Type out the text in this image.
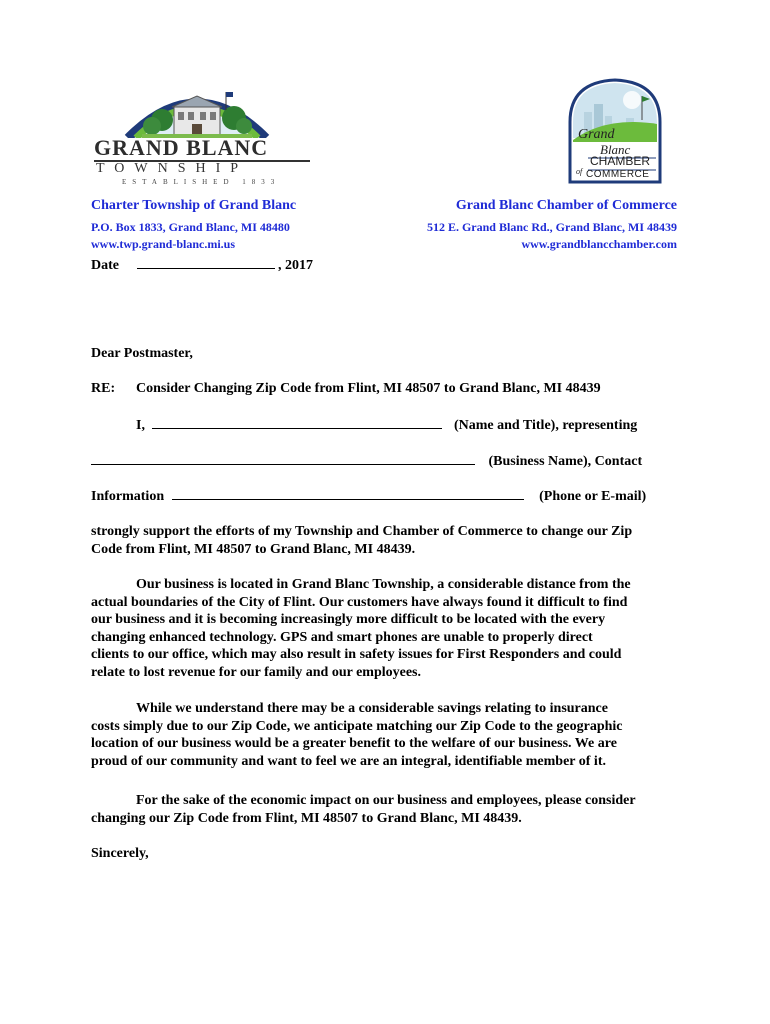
GRAND BLANC
TOWNSHIP
ESTABLISHED 1833
Grand
Blanc
CHAMBER
of COMMERCE
Charter Township of Grand Blanc
P.O. Box 1833, Grand Blanc, MI 48480
www.twp.grand-blanc.mi.us
Grand Blanc Chamber of Commerce
512 E. Grand Blanc Rd., Grand Blanc, MI 48439
www.grandblancchamber.com
Date	, 2017
Dear Postmaster,
RE: Consider Changing Zip Code from Flint, MI 48507 to Grand Blanc, MI 48439
I,	(Name and Title), representing
(Business Name), Contact
Information	(Phone or E-mail)
strongly support the efforts of my Township and Chamber of Commerce to change our Zip
Code from Flint, MI 48507 to Grand Blanc, MI 48439.
Our business is located in Grand Blanc Township, a considerable distance from the
actual boundaries of the City of Flint. Our customers have always found it difficult to find
our business and it is becoming increasingly more difficult to be located with the every
changing enhanced technology. GPS and smart phones are unable to properly direct
clients to our office, which may also result in safety issues for First Responders and could
relate to lost revenue for our family and our employees.
While we understand there may be a considerable savings relating to insurance
costs simply due to our Zip Code, we anticipate matching our Zip Code to the geographic
location of our business would be a greater benefit to the welfare of our business. We are
proud of our community and want to feel we are an integral, identifiable member of it.
For the sake of the economic impact on our business and employees, please consider
changing our Zip Code from Flint, MI 48507 to Grand Blanc, MI 48439.
Sincerely,
